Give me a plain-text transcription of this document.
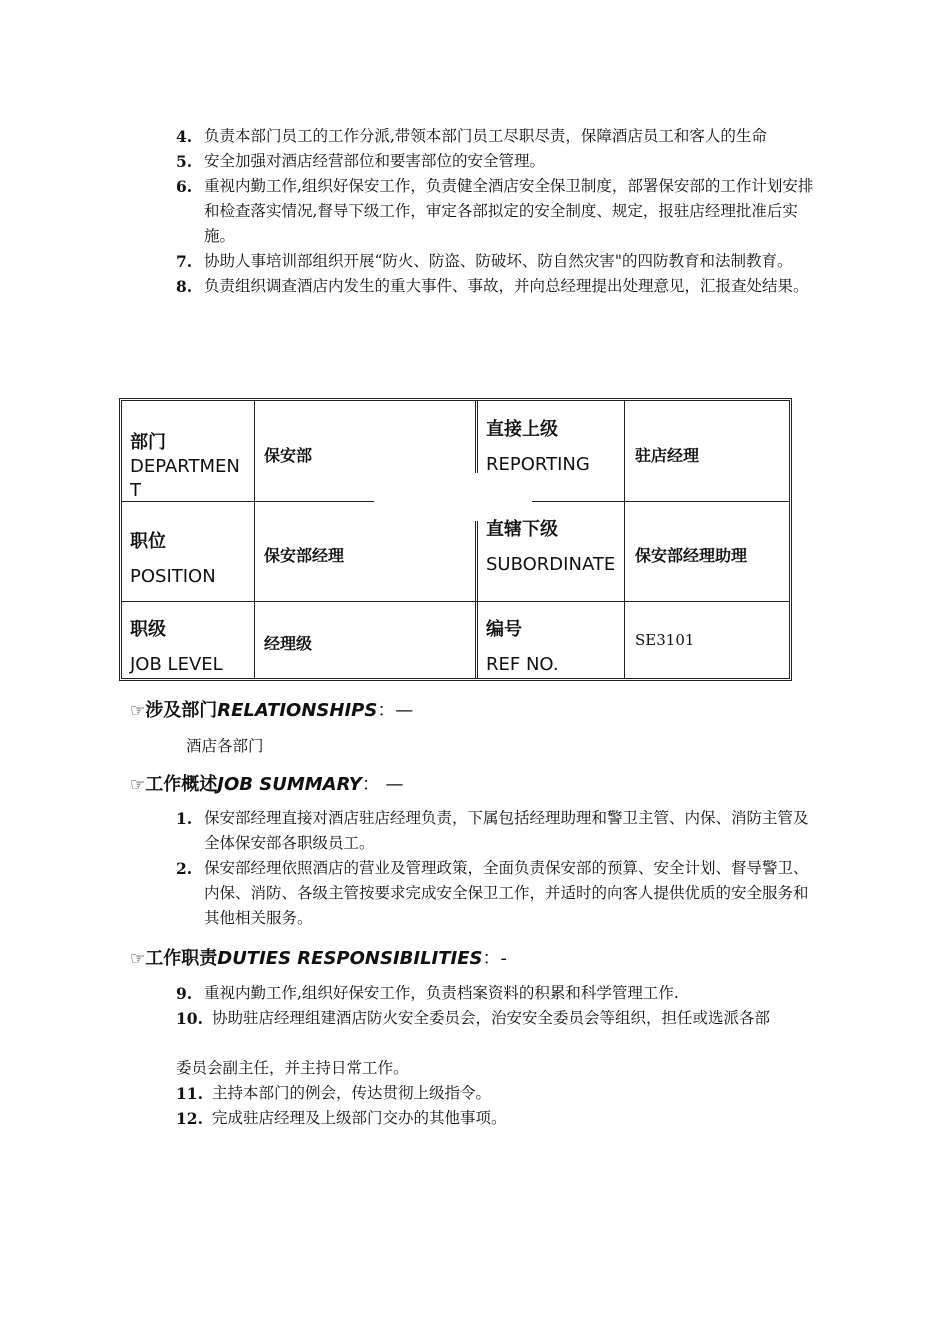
4. 负责本部门员工的工作分派,带领本部门员工尽职尽责，保障酒店员工和客人的生命
5. 安全加强对酒店经营部位和要害部位的安全管理。
6. 重视内勤工作,组织好保安工作，负责健全酒店安全保卫制度，部署保安部的工作计划安排和检查落实情况,督导下级工作，审定各部拟定的安全制度、规定，报驻店经理批准后实施。
7. 协助人事培训部组织开展“防火、防盗、防破坏、防自然灾害"的四防教育和法制教育。
8. 负责组织调查酒店内发生的重大事件、事故，并向总经理提出处理意见，汇报查处结果。
部门
DEPARTMENT
保安部
直接上级
REPORTING	驻店经理
职位
POSITION
保安部经理
直辖下级
SUBORDINATE 保安部经理助理
职级
JOB LEVEL
经理级
编号
REF NO.
SE3101
☞涉及部门RELATIONSHIPS：—
酒店各部门
☞工作概述JOB SUMMARY： —
1. 保安部经理直接对酒店驻店经理负责，下属包括经理助理和警卫主管、内保、消防主管及全体保安部各职级员工。
2. 保安部经理依照酒店的营业及管理政策，全面负责保安部的预算、安全计划、督导警卫、内保、消防、各级主管按要求完成安全保卫工作，并适时的向客人提供优质的安全服务和其他相关服务。
☞工作职责DUTIES RESPONSIBILITIES：-
9. 重视内勤工作,组织好保安工作，负责档案资料的积累和科学管理工作.
10. 协助驻店经理组建酒店防火安全委员会，治安安全委员会等组织，担任或选派各部
委员会副主任，并主持日常工作。
11. 主持本部门的例会，传达贯彻上级指令。
12. 完成驻店经理及上级部门交办的其他事项。
